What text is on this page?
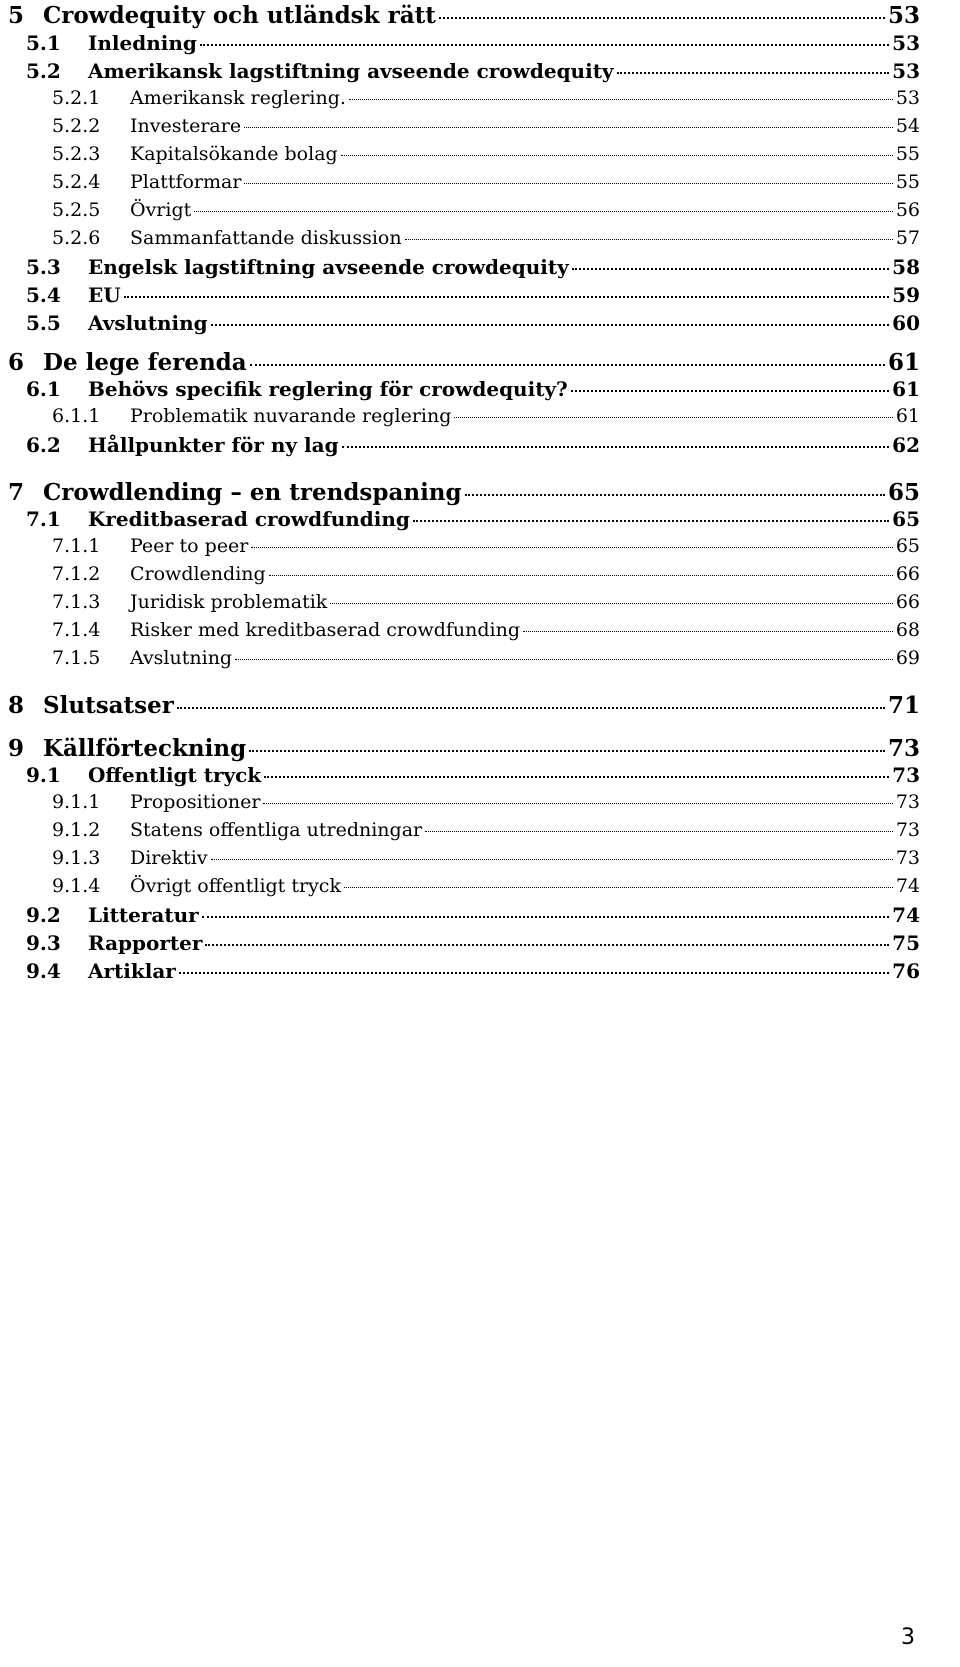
5 Crowdequity och utländsk rätt	53
5.1	Inledning	53
5.2	Amerikansk lagstiftning avseende crowdequity	53
5.2.1	Amerikansk reglering.	53
5.2.2	Investerare	54
5.2.3	Kapitalsökande bolag	55
5.2.4	Plattformar	55
5.2.5	Övrigt	56
5.2.6	Sammanfattande diskussion	57
5.3	Engelsk lagstiftning avseende crowdequity	58
5.4	EU	59
5.5	Avslutning	60
6 De lege ferenda	61
6.1	Behövs specifik reglering för crowdequity?	61
6.1.1	Problematik nuvarande reglering	61
6.2	Hållpunkter för ny lag	62
7 Crowdlending – en trendspaning	65
7.1	Kreditbaserad crowdfunding	65
7.1.1	Peer to peer	65
7.1.2	Crowdlending	66
7.1.3	Juridisk problematik	66
7.1.4	Risker med kreditbaserad crowdfunding	68
7.1.5	Avslutning	69
8 Slutsatser	71
9 Källförteckning	73
9.1	Offentligt tryck	73
9.1.1	Propositioner	73
9.1.2	Statens offentliga utredningar	73
9.1.3	Direktiv	73
9.1.4	Övrigt offentligt tryck	74
9.2	Litteratur	74
9.3	Rapporter	75
9.4	Artiklar	76
3
